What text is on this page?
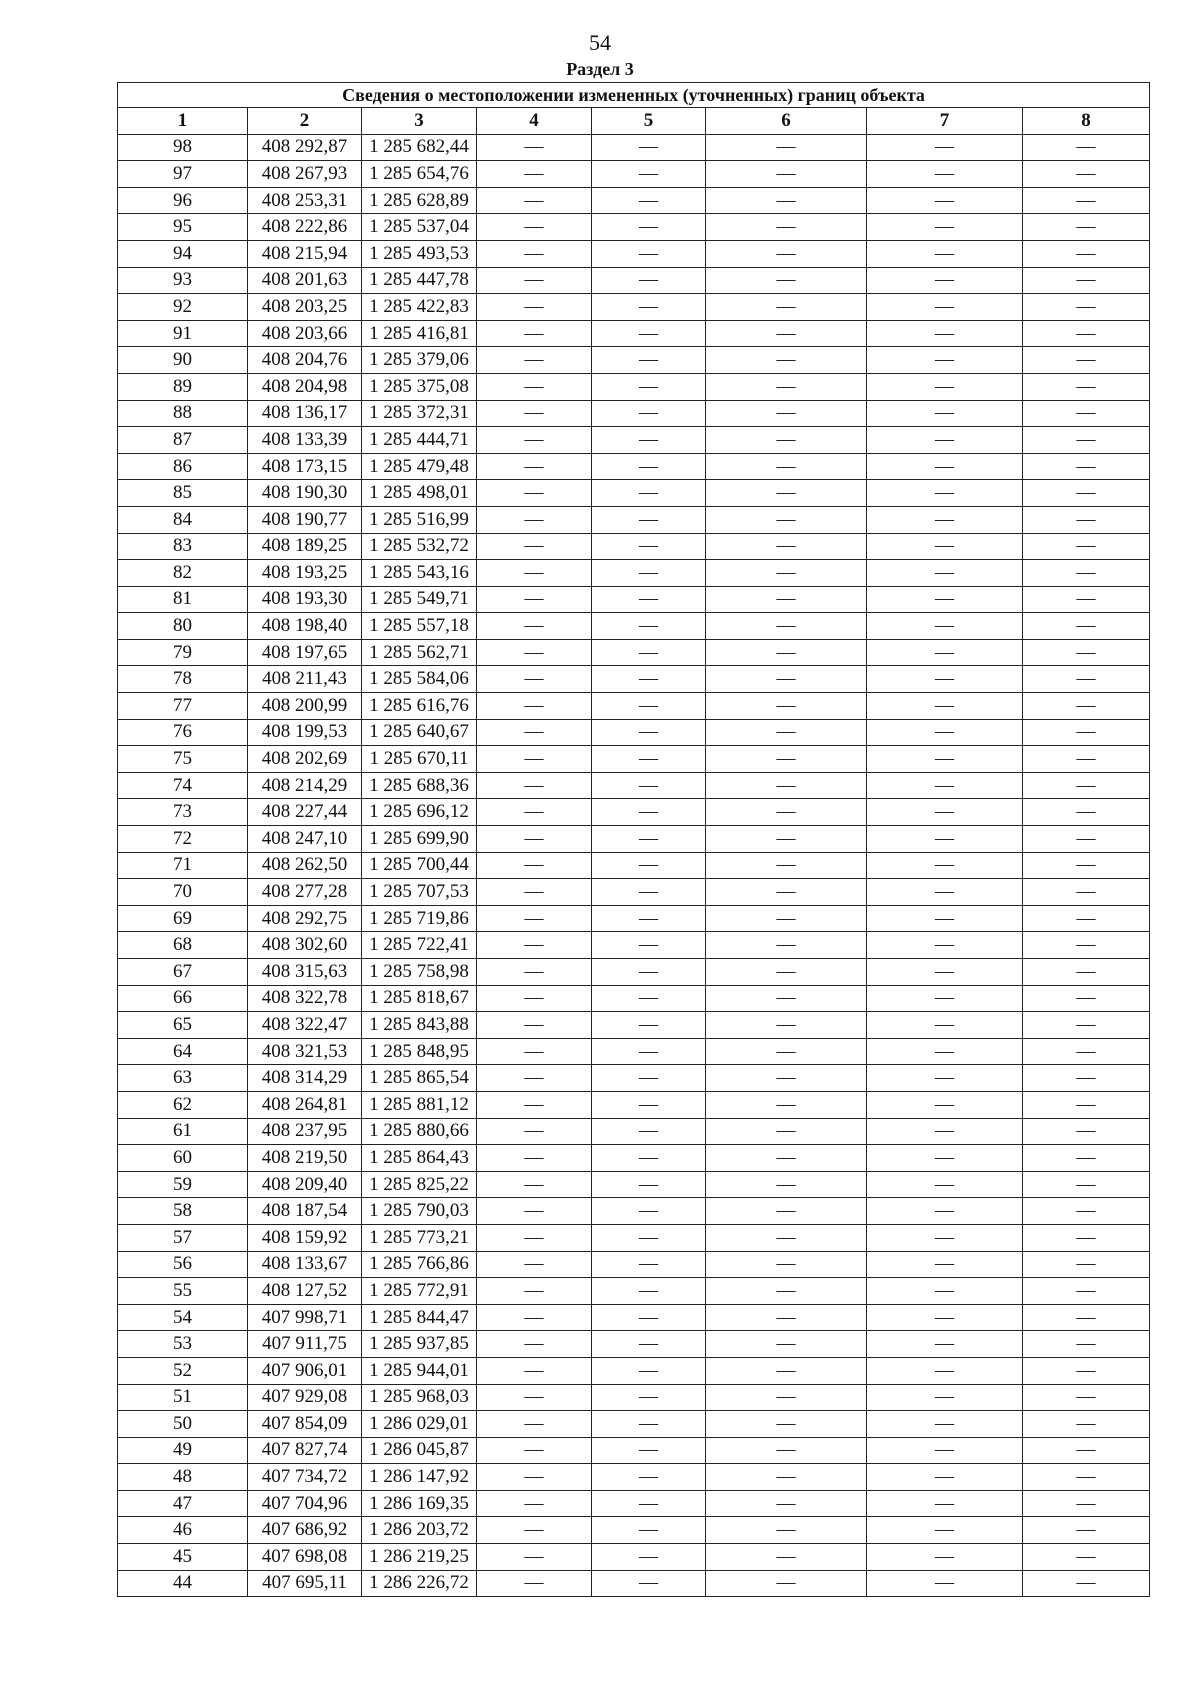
54
Раздел 3
Сведения о местоположении измененных (уточненных) границ объекта							
1	2	3	4	5	6	7	8
98	408 292,87	1 285 682,44	—	—	—	—	—
97	408 267,93	1 285 654,76	—	—	—	—	—
96	408 253,31	1 285 628,89	—	—	—	—	—
95	408 222,86	1 285 537,04	—	—	—	—	—
94	408 215,94	1 285 493,53	—	—	—	—	—
93	408 201,63	1 285 447,78	—	—	—	—	—
92	408 203,25	1 285 422,83	—	—	—	—	—
91	408 203,66	1 285 416,81	—	—	—	—	—
90	408 204,76	1 285 379,06	—	—	—	—	—
89	408 204,98	1 285 375,08	—	—	—	—	—
88	408 136,17	1 285 372,31	—	—	—	—	—
87	408 133,39	1 285 444,71	—	—	—	—	—
86	408 173,15	1 285 479,48	—	—	—	—	—
85	408 190,30	1 285 498,01	—	—	—	—	—
84	408 190,77	1 285 516,99	—	—	—	—	—
83	408 189,25	1 285 532,72	—	—	—	—	—
82	408 193,25	1 285 543,16	—	—	—	—	—
81	408 193,30	1 285 549,71	—	—	—	—	—
80	408 198,40	1 285 557,18	—	—	—	—	—
79	408 197,65	1 285 562,71	—	—	—	—	—
78	408 211,43	1 285 584,06	—	—	—	—	—
77	408 200,99	1 285 616,76	—	—	—	—	—
76	408 199,53	1 285 640,67	—	—	—	—	—
75	408 202,69	1 285 670,11	—	—	—	—	—
74	408 214,29	1 285 688,36	—	—	—	—	—
73	408 227,44	1 285 696,12	—	—	—	—	—
72	408 247,10	1 285 699,90	—	—	—	—	—
71	408 262,50	1 285 700,44	—	—	—	—	—
70	408 277,28	1 285 707,53	—	—	—	—	—
69	408 292,75	1 285 719,86	—	—	—	—	—
68	408 302,60	1 285 722,41	—	—	—	—	—
67	408 315,63	1 285 758,98	—	—	—	—	—
66	408 322,78	1 285 818,67	—	—	—	—	—
65	408 322,47	1 285 843,88	—	—	—	—	—
64	408 321,53	1 285 848,95	—	—	—	—	—
63	408 314,29	1 285 865,54	—	—	—	—	—
62	408 264,81	1 285 881,12	—	—	—	—	—
61	408 237,95	1 285 880,66	—	—	—	—	—
60	408 219,50	1 285 864,43	—	—	—	—	—
59	408 209,40	1 285 825,22	—	—	—	—	—
58	408 187,54	1 285 790,03	—	—	—	—	—
57	408 159,92	1 285 773,21	—	—	—	—	—
56	408 133,67	1 285 766,86	—	—	—	—	—
55	408 127,52	1 285 772,91	—	—	—	—	—
54	407 998,71	1 285 844,47	—	—	—	—	—
53	407 911,75	1 285 937,85	—	—	—	—	—
52	407 906,01	1 285 944,01	—	—	—	—	—
51	407 929,08	1 285 968,03	—	—	—	—	—
50	407 854,09	1 286 029,01	—	—	—	—	—
49	407 827,74	1 286 045,87	—	—	—	—	—
48	407 734,72	1 286 147,92	—	—	—	—	—
47	407 704,96	1 286 169,35	—	—	—	—	—
46	407 686,92	1 286 203,72	—	—	—	—	—
45	407 698,08	1 286 219,25	—	—	—	—	—
44	407 695,11	1 286 226,72	—	—	—	—	—
